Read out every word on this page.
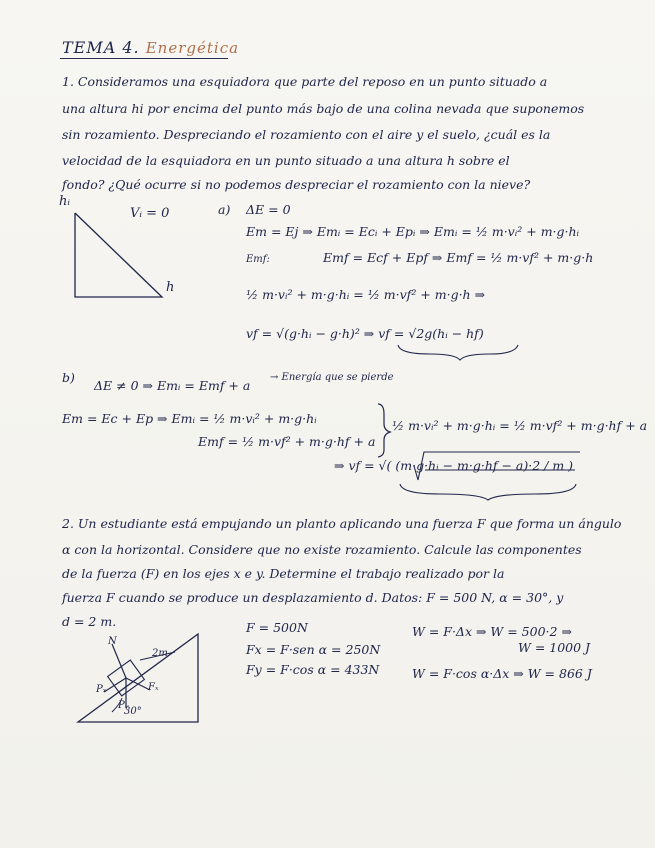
TEMA 4. Energética
1. Consideramos una esquiadora que parte del reposo en un punto situado a
una altura hi por encima del punto más bajo de una colina nevada que suponemos
sin rozamiento. Despreciando el rozamiento con el aire y el suelo, ¿cuál es la
velocidad de la esquiadora en un punto situado a una altura h sobre el
fondo? ¿Qué ocurre si no podemos despreciar el rozamiento con la nieve?
hᵢ
Vᵢ = 0
h
a) ΔE = 0
Em = Ej ⇒ Emᵢ = Ecᵢ + Epᵢ ⇒ Emᵢ = ½ m·vᵢ² + m·g·hᵢ
Emf:	Emf = Ecf + Epf ⇒ Emf = ½ m·vf² + m·g·h
½ m·vᵢ² + m·g·hᵢ = ½ m·vf² + m·g·h ⇒
vf = √(g·hᵢ − g·h)² ⇒ vf = √2g(hᵢ − hf)
b)
ΔE ≠ 0 ⇒ Emᵢ = Emf + a
→ Energía que se pierde
Em = Ec + Ep ⇒ Emᵢ = ½ m·vᵢ² + m·g·hᵢ
Emf = ½ m·vf² + m·g·hf + a
½ m·vᵢ² + m·g·hᵢ = ½ m·vf² + m·g·hf + a
⇒ vf = √( (m·g·hᵢ − m·g·hf − a)·2 / m )
2. Un estudiante está empujando un planto aplicando una fuerza F que forma un ángulo
α con la horizontal. Considere que no existe rozamiento. Calcule las componentes
de la fuerza (F) en los ejes x e y. Determine el trabajo realizado por la
fuerza F cuando se produce un desplazamiento d. Datos: F = 500 N, α = 30°, y
d = 2 m.	F = 500N
Fx = F·sen α = 250N
Fy = F·cos α = 433N
W = F·Δx ⇒ W = 500·2 ⇒
W = 1000 J
W = F·cos α·Δx ⇒ W = 866 J
N
2m
Pₓ
Pᵧ
Fₓ
30°
